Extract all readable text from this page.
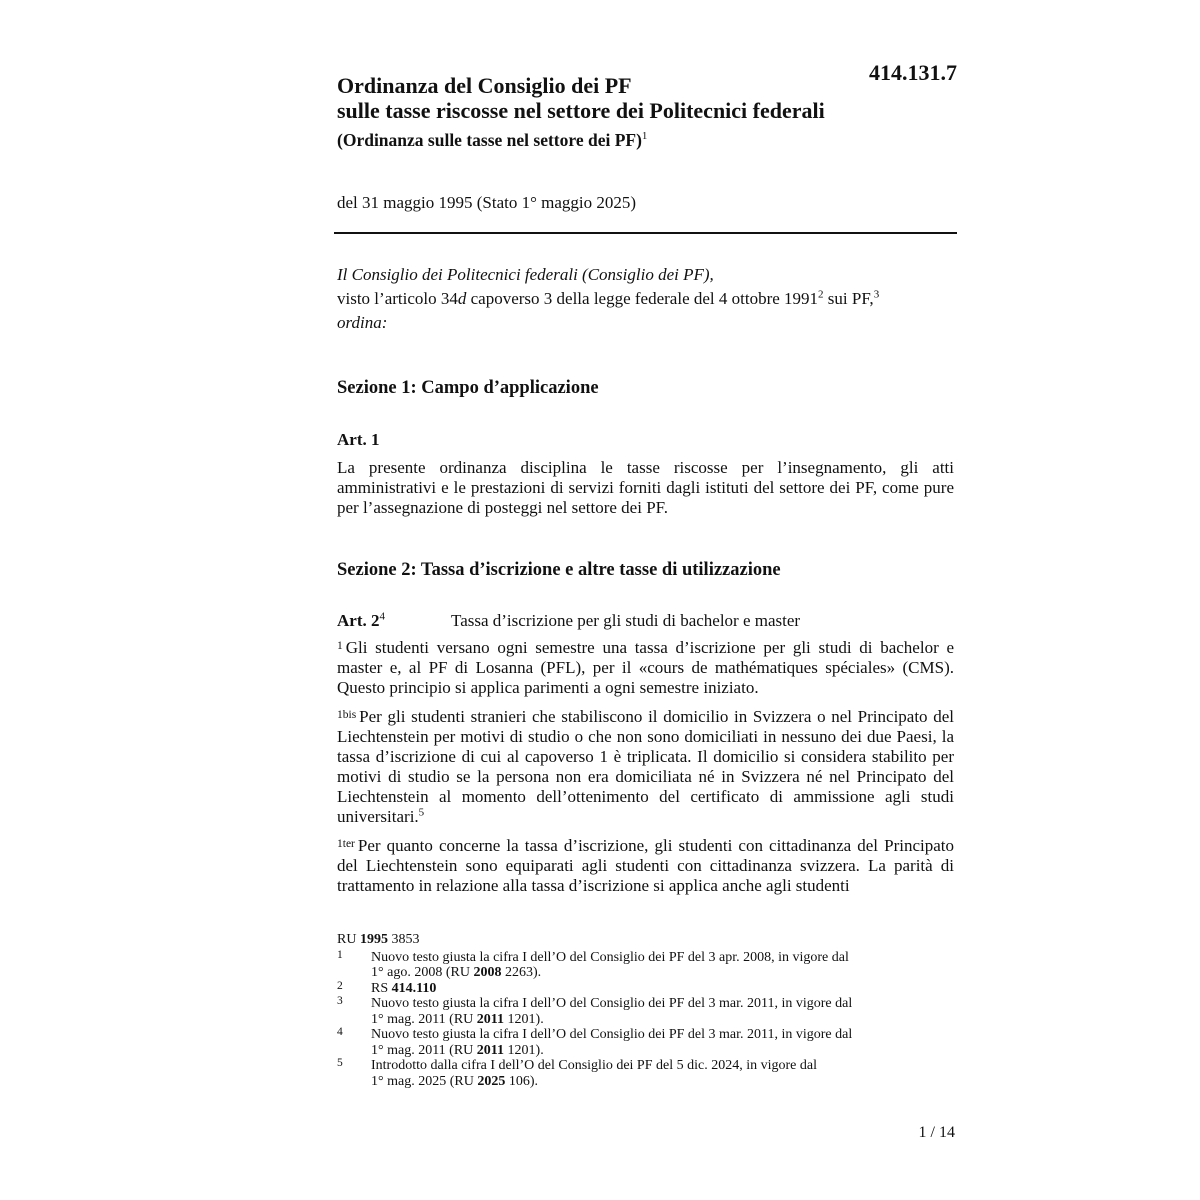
414.131.7
Ordinanza del Consiglio dei PF
sulle tasse riscosse nel settore dei Politecnici federali
(Ordinanza sulle tasse nel settore dei PF)$^1$
del 31 maggio 1995 (Stato 1° maggio 2025)
Il Consiglio dei Politecnici federali (Consiglio dei PF),
visto l’articolo 34d capoverso 3 della legge federale del 4 ottobre 1991$^2$ sui PF,$^3$
ordina:
Sezione 1: Campo d’applicazione
Art. 1
La presente ordinanza disciplina le tasse riscosse per l’insegnamento, gli atti amministrativi e le prestazioni di servizi forniti dagli istituti del settore dei PF, come pure per l’assegnazione di posteggi nel settore dei PF.
Sezione 2: Tassa d’iscrizione e altre tasse di utilizzazione
Art. $2^4$	Tassa d’iscrizione per gli studi di bachelor e master
$^1$ Gli studenti versano ogni semestre una tassa d’iscrizione per gli studi di bachelor e master e, al PF di Losanna (PFL), per il «cours de mathématiques spéciales» (CMS). Questo principio si applica parimenti a ogni semestre iniziato.
$^{1bis}$ Per gli studenti stranieri che stabiliscono il domicilio in Svizzera o nel Principato del Liechtenstein per motivi di studio o che non sono domiciliati in nessuno dei due Paesi, la tassa d’iscrizione di cui al capoverso 1 è triplicata. Il domicilio si considera stabilito per motivi di studio se la persona non era domiciliata né in Svizzera né nel Principato del Liechtenstein al momento dell’ottenimento del certificato di ammissione agli studi universitari.$^5$
$^{1ter}$ Per quanto concerne la tassa d’iscrizione, gli studenti con cittadinanza del Principato del Liechtenstein sono equiparati agli studenti con cittadinanza svizzera. La parità di trattamento in relazione alla tassa d’iscrizione si applica anche agli studenti
RU 1995 3853
1 Nuovo testo giusta la cifra I dell’O del Consiglio dei PF del 3 apr. 2008, in vigore dal
1° ago. 2008 (RU 2008 2263).
2 RS 414.110
3 Nuovo testo giusta la cifra I dell’O del Consiglio dei PF del 3 mar. 2011, in vigore dal
1° mag. 2011 (RU 2011 1201).
4 Nuovo testo giusta la cifra I dell’O del Consiglio dei PF del 3 mar. 2011, in vigore dal
1° mag. 2011 (RU 2011 1201).
5 Introdotto dalla cifra I dell’O del Consiglio dei PF del 5 dic. 2024, in vigore dal
1° mag. 2025 (RU 2025 106).
1 / 14
